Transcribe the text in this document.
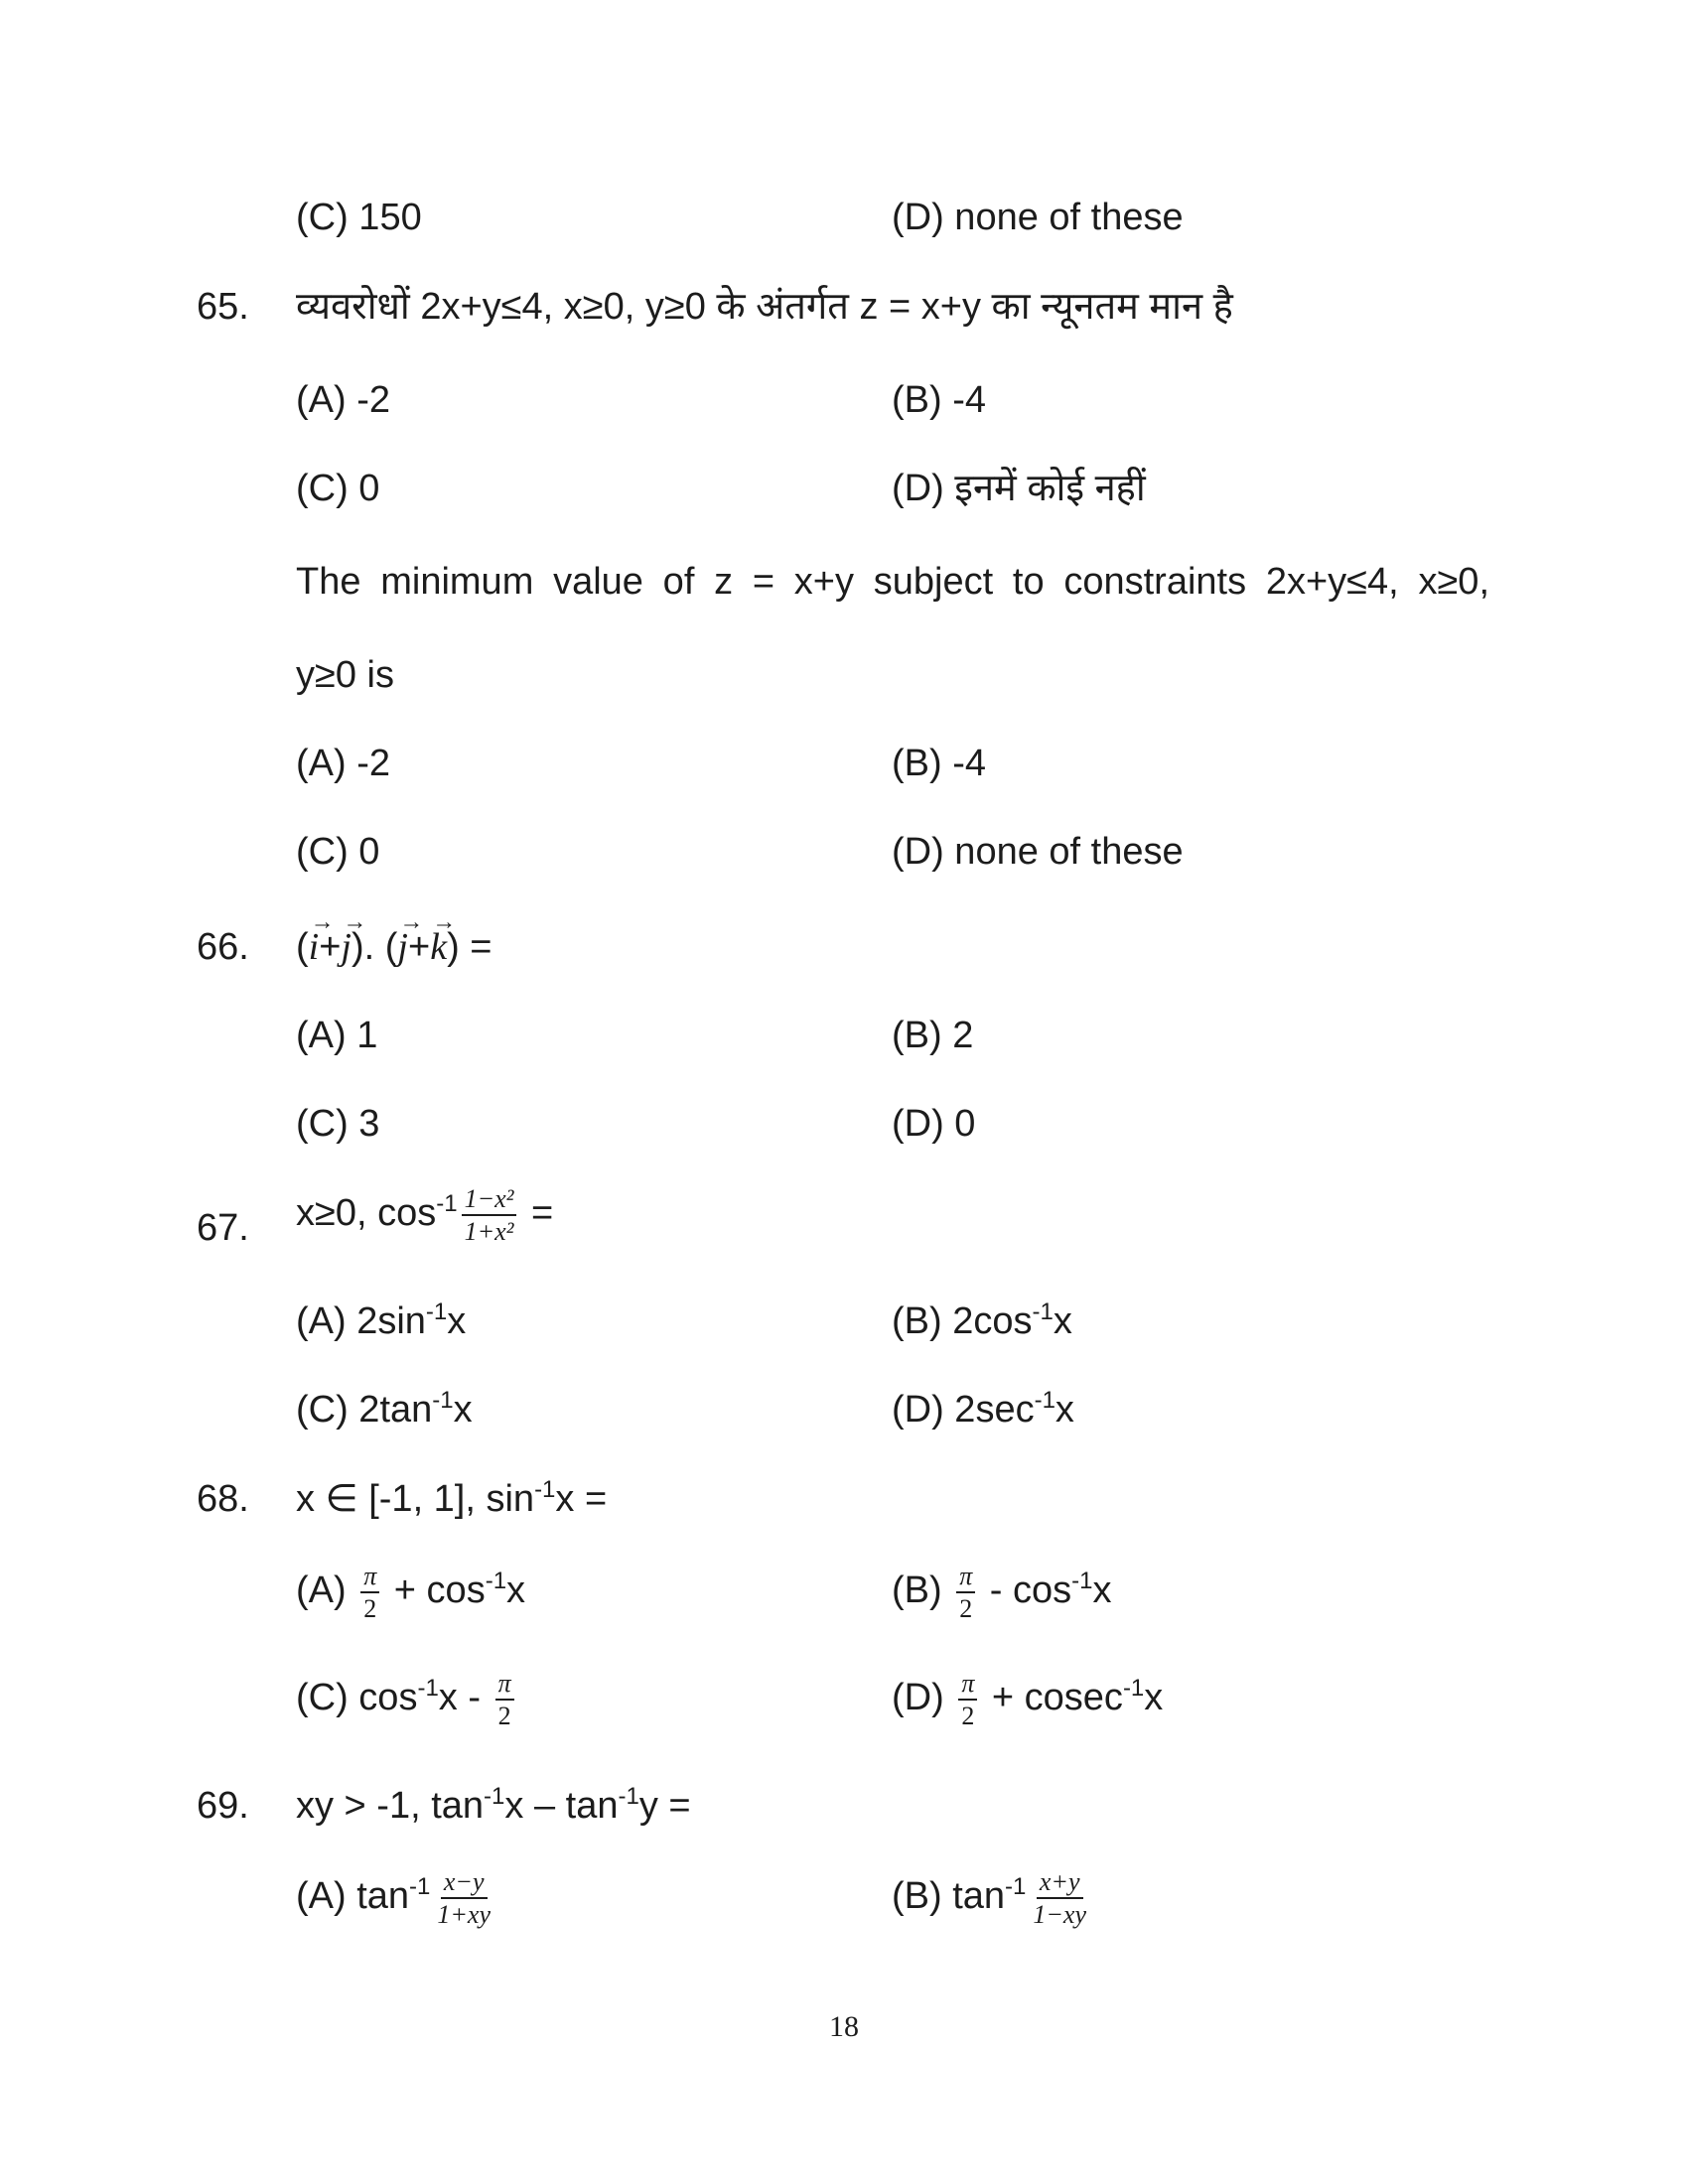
(C) 150	(D) none of these
65. व्यवरोधों 2x+y≤4, x≥0, y≥0 के अंतर्गत z = x+y का न्यूनतम मान है
(A) -2	(B) -4
(C) 0	(D) इनमें कोई नहीं
The minimum value of z = x+y subject to constraints 2x+y≤4, x≥0,
y≥0 is
(A) -2	(B) -4
(C) 0	(D) none of these
66. (
→
i+
→
j). (
→
j+
→
k) =
(A) 1	(B) 2
(C) 3	(D) 0
67. x≥0, $\cos^{-1} \frac{\text{1−x²}}{\text{1+x²}}$ =
(A) $2\sin^{-1}x$	(B) $2\cos^{-1}x$
(C) $2\tan^{-1}x$	(D) $2\sec^{-1}x$
68. x ∈ [-1, 1], $\sin^{-1}x$ =
$(A) \frac{\pi}{2} + \cos^{-1}x$	$(B) \frac{\pi}{2} - \cos^{-1}x$
(C) $\cos^{-1}x - \frac{\pi}{2}$	$(D) \frac{\pi}{2} + cosec^{-1}x$
69. xy > -1, $\tan^{-1}x - \tan^{-1}y$ =
(A) $\tan^{-1} \frac{x-y}{1+xy}$	(B) $\tan^{-1} \frac{x+y}{1-xy}$
18
